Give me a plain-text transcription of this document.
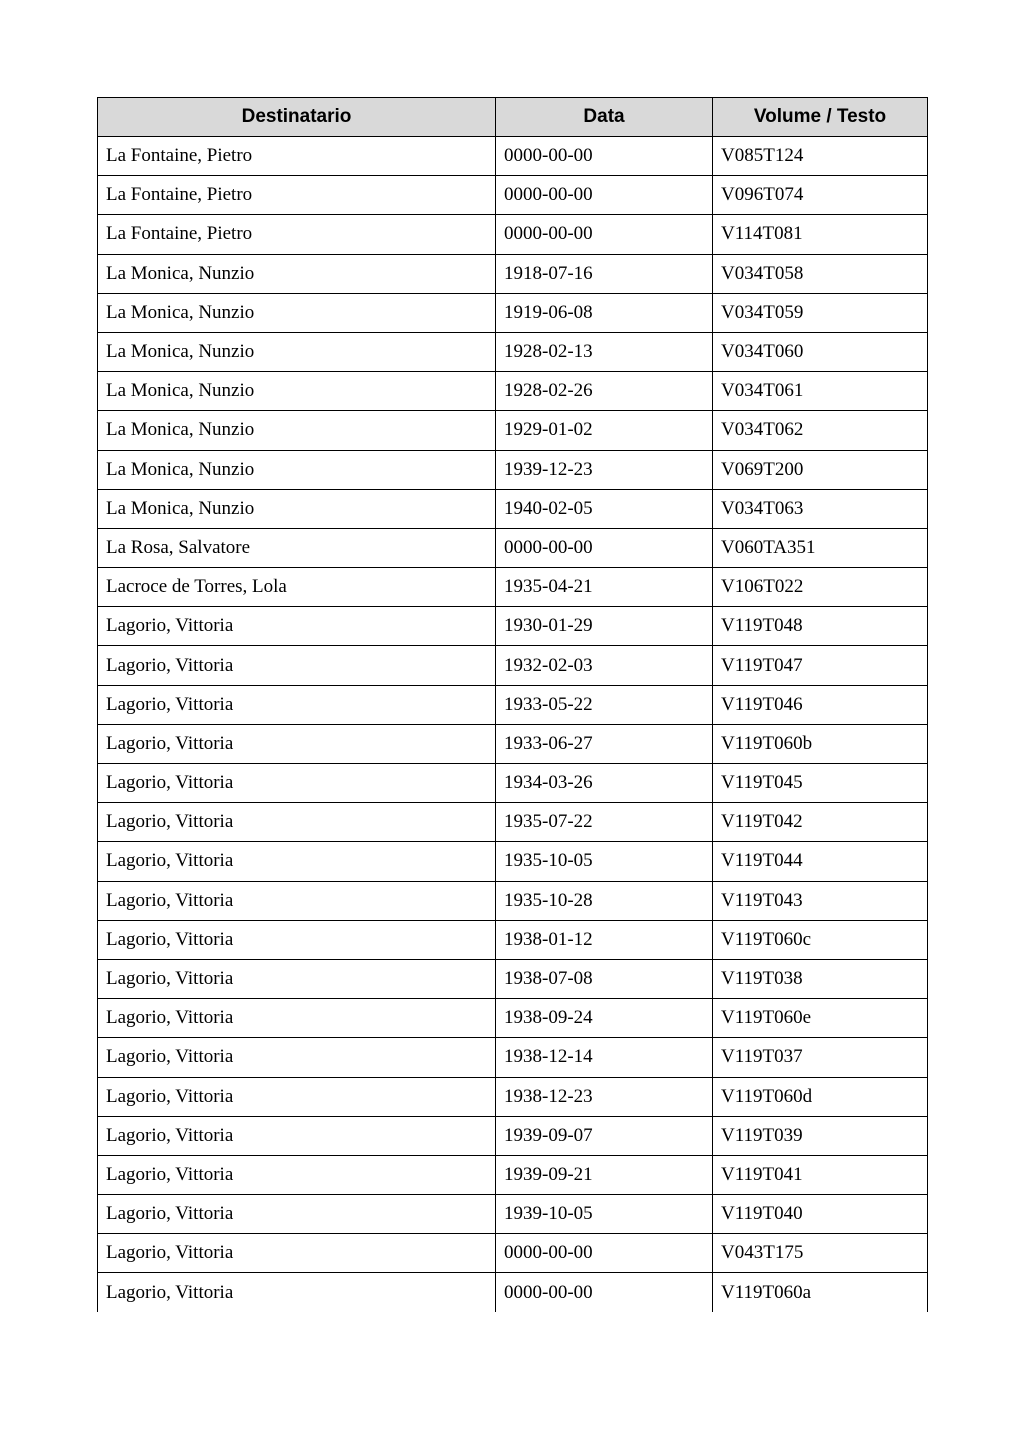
Destinatario	Data	Volume / Testo
La Fontaine, Pietro	0000-00-00	V085T124
La Fontaine, Pietro	0000-00-00	V096T074
La Fontaine, Pietro	0000-00-00	V114T081
La Monica, Nunzio	1918-07-16	V034T058
La Monica, Nunzio	1919-06-08	V034T059
La Monica, Nunzio	1928-02-13	V034T060
La Monica, Nunzio	1928-02-26	V034T061
La Monica, Nunzio	1929-01-02	V034T062
La Monica, Nunzio	1939-12-23	V069T200
La Monica, Nunzio	1940-02-05	V034T063
La Rosa, Salvatore	0000-00-00	V060TA351
Lacroce de Torres, Lola	1935-04-21	V106T022
Lagorio, Vittoria	1930-01-29	V119T048
Lagorio, Vittoria	1932-02-03	V119T047
Lagorio, Vittoria	1933-05-22	V119T046
Lagorio, Vittoria	1933-06-27	V119T060b
Lagorio, Vittoria	1934-03-26	V119T045
Lagorio, Vittoria	1935-07-22	V119T042
Lagorio, Vittoria	1935-10-05	V119T044
Lagorio, Vittoria	1935-10-28	V119T043
Lagorio, Vittoria	1938-01-12	V119T060c
Lagorio, Vittoria	1938-07-08	V119T038
Lagorio, Vittoria	1938-09-24	V119T060e
Lagorio, Vittoria	1938-12-14	V119T037
Lagorio, Vittoria	1938-12-23	V119T060d
Lagorio, Vittoria	1939-09-07	V119T039
Lagorio, Vittoria	1939-09-21	V119T041
Lagorio, Vittoria	1939-10-05	V119T040
Lagorio, Vittoria	0000-00-00	V043T175
Lagorio, Vittoria	0000-00-00	V119T060a
